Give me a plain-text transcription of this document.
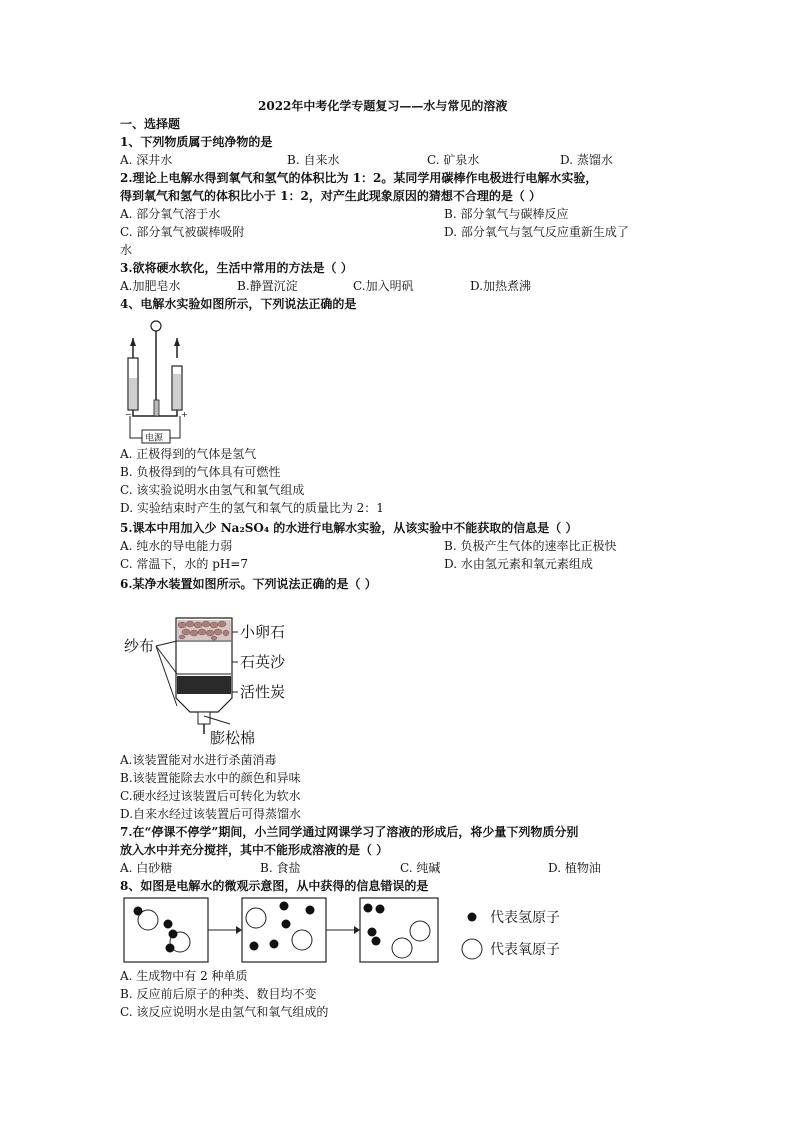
2022年中考化学专题复习——水与常见的溶液
一、选择题
1、下列物质属于纯净物的是
A. 深井水	B. 自来水	C. 矿泉水	D. 蒸馏水
2.理论上电解水得到氧气和氢气的体积比为 1：2。某同学用碳棒作电极进行电解水实验，
得到氧气和氢气的体积比小于 1：2，对产生此现象原因的猜想不合理的是（ ）
A. 部分氧气溶于水	B. 部分氧气与碳棒反应
C. 部分氧气被碳棒吸附	D. 部分氧气与氢气反应重新生成了
水
3.欲将硬水软化，生活中常用的方法是（ ）
A.加肥皂水	B.静置沉淀	C.加入明矾	D.加热煮沸
4、电解水实验如图所示，下列说法正确的是
−	+
电源
A. 正极得到的气体是氢气
B. 负极得到的气体具有可燃性
C. 该实验说明水由氢气和氧气组成
D. 实验结束时产生的氢气和氧气的质量比为 2：1
5.课本中用加入少 Na₂SO₄ 的水进行电解水实验，从该实验中不能获取的信息是（ ）
A. 纯水的导电能力弱	B. 负极产生气体的速率比正极快
C. 常温下，水的 pH=7	D. 水由氢元素和氧元素组成
6.某净水装置如图所示。下列说法正确的是（ ）
纱布
小卵石
石英沙
活性炭
膨松棉
A.该装置能对水进行杀菌消毒
B.该装置能除去水中的颜色和异味
C.硬水经过该装置后可转化为软水
D.自来水经过该装置后可得蒸馏水
7.在“停课不停学”期间，小兰同学通过网课学习了溶液的形成后，将少量下列物质分别
放入水中并充分搅拌，其中不能形成溶液的是（ ）
A. 白砂糖	B. 食盐	C. 纯碱	D. 植物油
8、如图是电解水的微观示意图，从中获得的信息错误的是
代表氢原子
代表氧原子
A. 生成物中有 2 种单质
B. 反应前后原子的种类、数目均不变
C. 该反应说明水是由氢气和氧气组成的
